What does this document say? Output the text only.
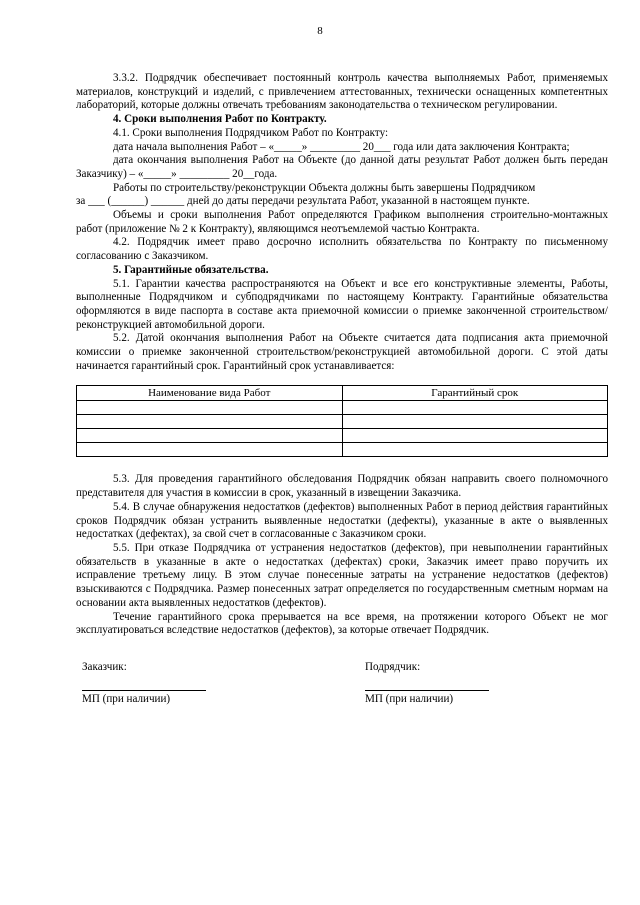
8

3.3.2. Подрядчик обеспечивает постоянный контроль качества выполняемых Работ, применяемых материалов, конструкций и изделий, с привлечением аттестованных, технически оснащенных компетентных лабораторий, которые должны отвечать требованиям законодательства о техническом регулировании.

4. Сроки выполнения Работ по Контракту.

4.1. Сроки выполнения Подрядчиком Работ по Контракту:

дата начала выполнения Работ – «_____» _________ 20___ года или дата заключения Контракта;

дата окончания выполнения Работ на Объекте (до данной даты результат Работ должен быть передан Заказчику) – «_____» _________ 20__года.

Работы по строительству/реконструкции Объекта должны быть завершены Подрядчиком

за ___ (______) ______ дней до даты передачи результата Работ, указанной в настоящем пункте.

Объемы и сроки выполнения Работ определяются Графиком выполнения строительно-монтажных работ (приложение № 2 к Контракту), являющимся неотъемлемой частью Контракта.

4.2. Подрядчик имеет право досрочно исполнить обязательства по Контракту по письменному согласованию с Заказчиком.

5. Гарантийные обязательства.

5.1. Гарантии качества распространяются на Объект и все его конструктивные элементы, Работы, выполненные Подрядчиком и субподрядчиками по настоящему Контракту. Гарантийные обязательства оформляются в виде паспорта в составе акта приемочной комиссии о приемке законченной строительством/реконструкцией автомобильной дороги.

5.2. Датой окончания выполнения Работ на Объекте считается дата подписания акта приемочной комиссии о приемке законченной строительством/реконструкцией автомобильной дороги. С этой даты начинается гарантийный срок. Гарантийный срок устанавливается:

Наименование вида Работ	Гарантийный срок

5.3. Для проведения гарантийного обследования Подрядчик обязан направить своего полномочного представителя для участия в комиссии в срок, указанный в извещении Заказчика.

5.4. В случае обнаружения недостатков (дефектов) выполненных Работ в период действия гарантийных сроков Подрядчик обязан устранить выявленные недостатки (дефекты), указанные в акте о выявленных недостатках (дефектах), за свой счет в согласованные с Заказчиком сроки.

5.5. При отказе Подрядчика от устранения недостатков (дефектов), при невыполнении гарантийных обязательств в указанные в акте о недостатках (дефектах) сроки, Заказчик имеет право поручить их исправление третьему лицу. В этом случае понесенные затраты на устранение недостатков (дефектов) взыскиваются с Подрядчика. Размер понесенных затрат определяется по государственным сметным нормам на основании акта выявленных недостатков (дефектов).

Течение гарантийного срока прерывается на все время, на протяжении которого Объект не мог эксплуатироваться вследствие недостатков (дефектов), за которые отвечает Подрядчик.

Заказчик:
МП (при наличии)
Подрядчик:
МП (при наличии)
